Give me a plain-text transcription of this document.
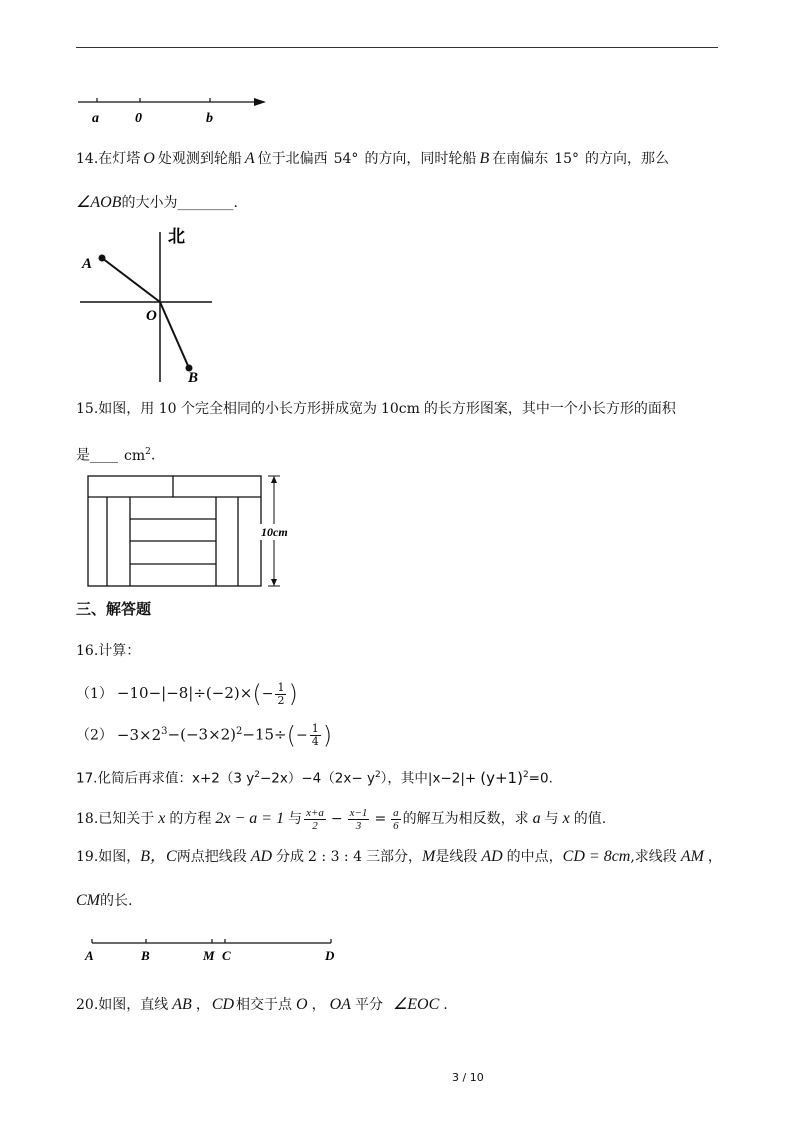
a	0	b
14.在灯塔 O 处观测到轮船 A 位于北偏西 54° 的方向，同时轮船 B 在南偏东 15° 的方向，那么
∠AOB的大小为________.
北
A
O
B
15.如图，用 10 个完全相同的小长方形拼成宽为 10cm 的长方形图案，其中一个小长方形的面积
是____ $cm^2$.
10cm
三、解答题
16.计算：
$(1) -10-|-8|\div(-2)\times(- \frac{1}{2}$ )
$(2) -3\times 2^3-(-3\times 2)^2-15\div(- \frac{1}{4}$ )
17.化简后再求值：x+2（3 $y^2-2x)-4(2x- y^2)$，其中$|x-2|+ (y+1)^2=0$.
18.已知关于 x 的方程 2x − a = 1 与 $\frac{x+a}{2} - \frac{x-1}{3} = \frac{a}{6}$ 的解互为相反数，求 a 与 x 的值.
19.如图，B，C两点把线段 AD 分成 2 : 3 : 4 三部分，M是线段 AD 的中点，CD = 8cm,求线段 AM ，
CM的长.
A	B	M C	D
20.如图，直线 AB ， CD 相交于点 O ， OA 平分 ∠EOC .
3 / 10
